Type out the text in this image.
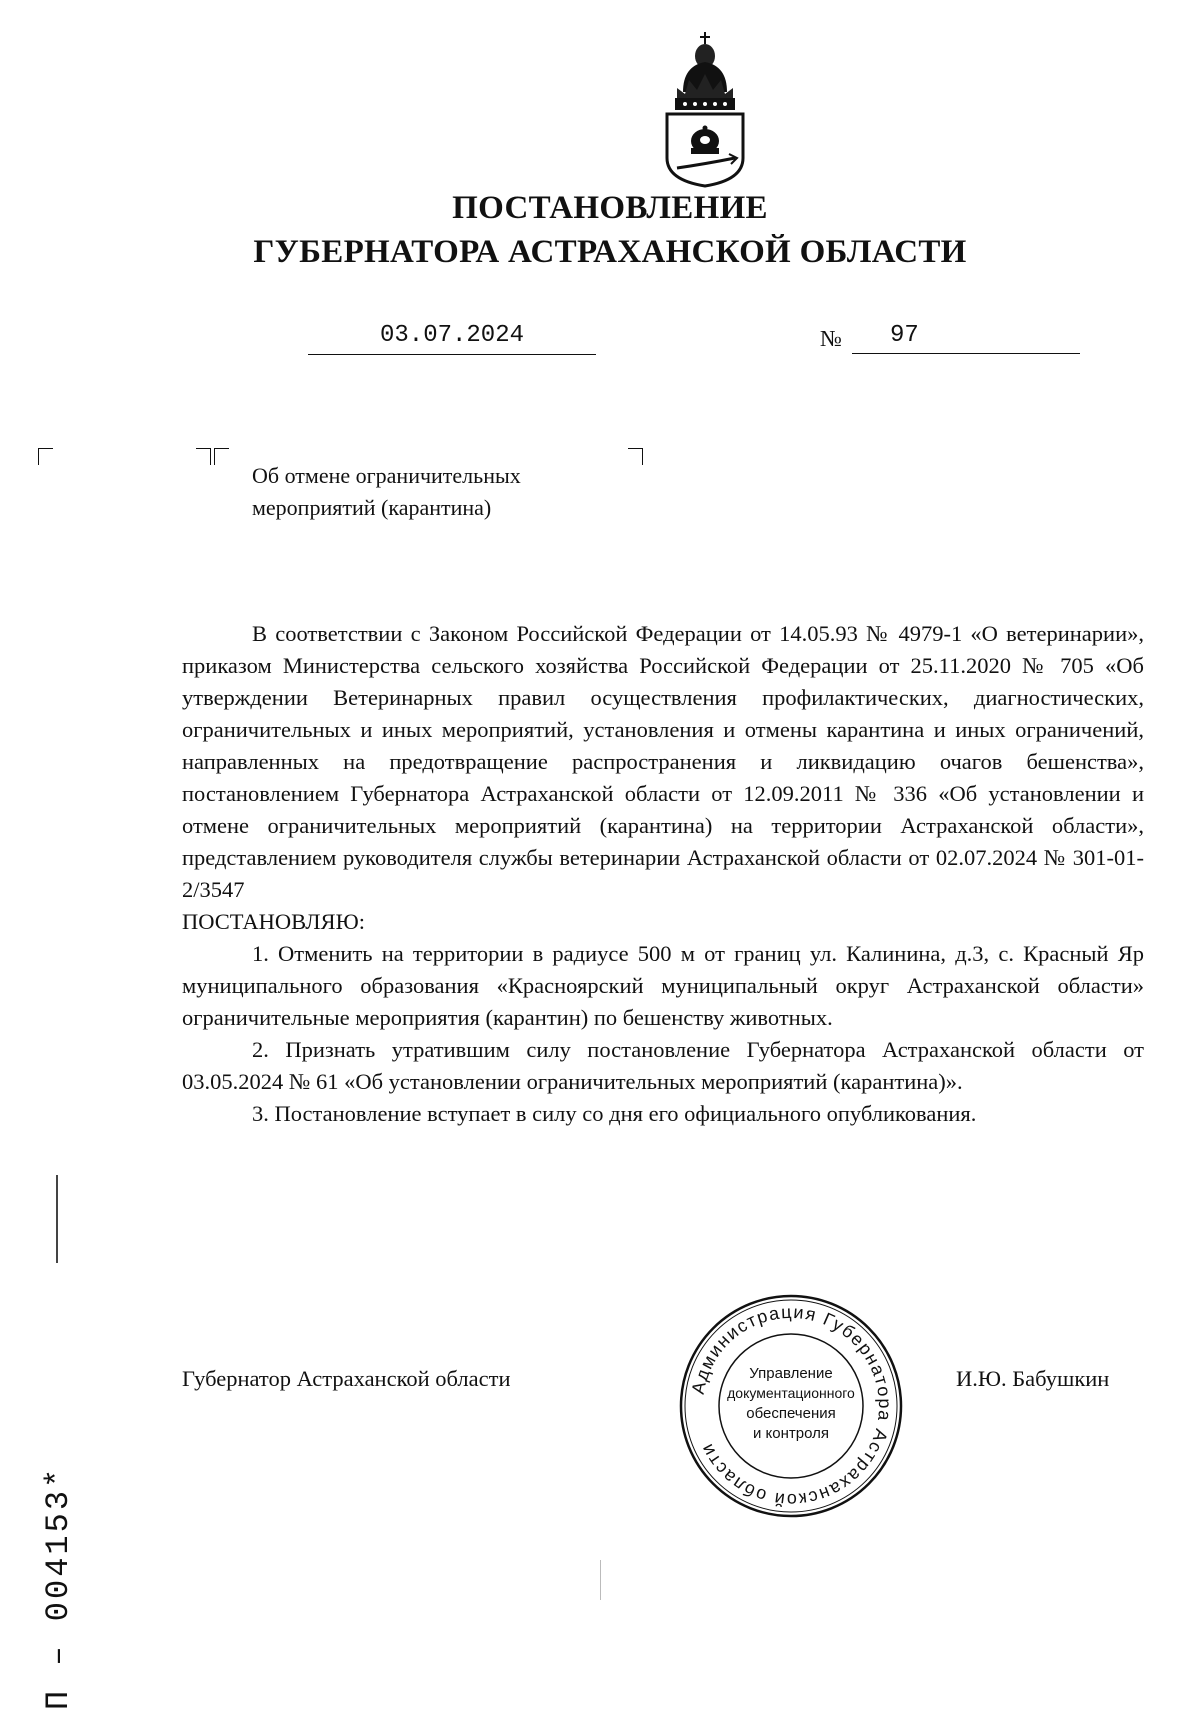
ПОСТАНОВЛЕНИЕ
ГУБЕРНАТОРА АСТРАХАНСКОЙ ОБЛАСТИ
03.07.2024	№	97
Об отмене ограничительных
мероприятий (карантина)

В соответствии с Законом Российской Федерации от 14.05.93 № 4979-1 «О ветеринарии», приказом Министерства сельского хозяйства Российской Федерации от 25.11.2020 № 705 «Об утверждении Ветеринарных правил осуществления профилактических, диагностических, ограничительных и иных мероприятий, установления и отмены карантина и иных ограничений, направленных на предотвращение распространения и ликвидацию очагов бешенства», постановлением Губернатора Астраханской области от 12.09.2011 № 336 «Об установлении и отмене ограничительных мероприятий (карантина) на территории Астраханской области», представлением руководителя службы ветеринарии Астраханской области от 02.07.2024 № 301-01-2/3547

ПОСТАНОВЛЯЮ:

1. Отменить на территории в радиусе 500 м от границ ул. Калинина, д.3, с. Красный Яр муниципального образования «Красноярский муниципальный округ Астраханской области» ограничительные мероприятия (карантин) по бешенству животных.

2. Признать утратившим силу постановление Губернатора Астраханской области от 03.05.2024 № 61 «Об установлении ограничительных мероприятий (карантина)».

3. Постановление вступает в силу со дня его официального опубликования.

Губернатор Астраханской области	И.Ю. Бабушкин
Администрация Губернатора Астраханской области
Управление
документационного
обеспечения
и контроля
П – 004153*
